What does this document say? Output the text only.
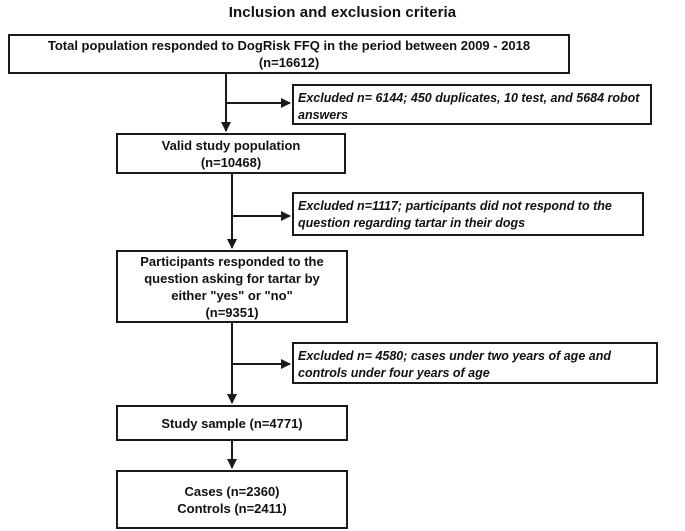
Inclusion and exclusion criteria
Total population responded to DogRisk FFQ in the period between 2009 - 2018
(n=16612)
Excluded n= 6144; 450 duplicates, 10 test, and 5684 robot answers
Valid study population
(n=10468)
Excluded n=1117; participants did not respond to the question regarding tartar in their dogs
Participants responded to the
question asking for tartar by
either "yes" or "no"
(n=9351)
Excluded n= 4580; cases under two years of age and controls under four years of age
Study sample (n=4771)
Cases (n=2360)
Controls (n=2411)
